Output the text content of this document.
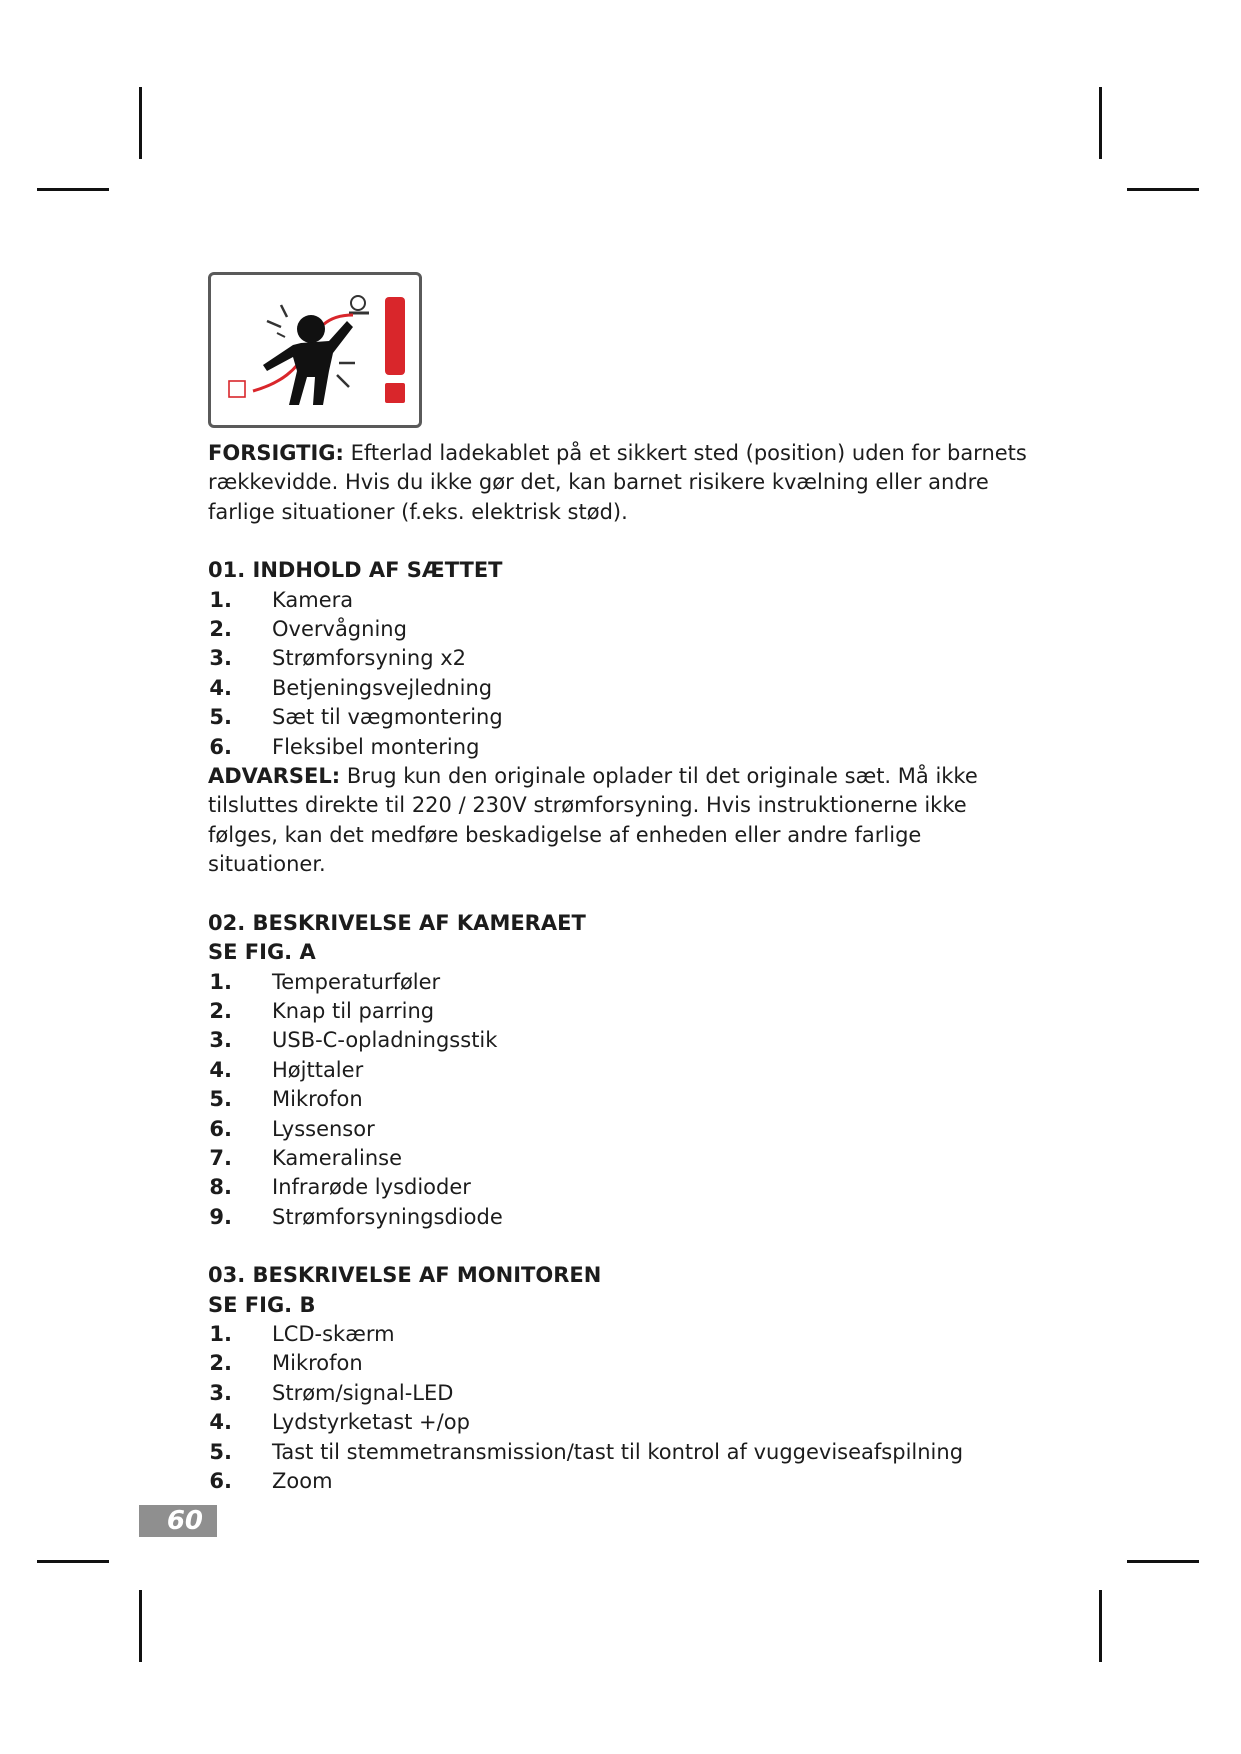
FORSIGTIG: Efterlad ladekablet på et sikkert sted (position) uden for barnets rækkevidde. Hvis du ikke gør det, kan barnet risikere kvælning eller andre farlige situationer (f.eks. elektrisk stød).

01. INDHOLD AF SÆTTET

1.	Kamera
2.	Overvågning
3.	Strømforsyning x2
4.	Betjeningsvejledning
5.	Sæt til vægmontering
6.	Fleksibel montering

ADVARSEL: Brug kun den originale oplader til det originale sæt. Må ikke tilsluttes direkte til 220 / 230V strømforsyning. Hvis instruktionerne ikke følges, kan det medføre beskadigelse af enheden eller andre farlige situationer.

02. BESKRIVELSE AF KAMERAET

SE FIG. A

1.	Temperaturføler
2.	Knap til parring
3.	USB-C-opladningsstik
4.	Højttaler
5.	Mikrofon
6.	Lyssensor
7.	Kameralinse
8.	Infrarøde lysdioder
9.	Strømforsyningsdiode

03. BESKRIVELSE AF MONITOREN

SE FIG. B

1.	LCD-skærm
2.	Mikrofon
3.	Strøm/signal-LED
4.	Lydstyrketast +/op
5.	Tast til stemmetransmission/tast til kontrol af vuggeviseafspilning
6.	Zoom
60
